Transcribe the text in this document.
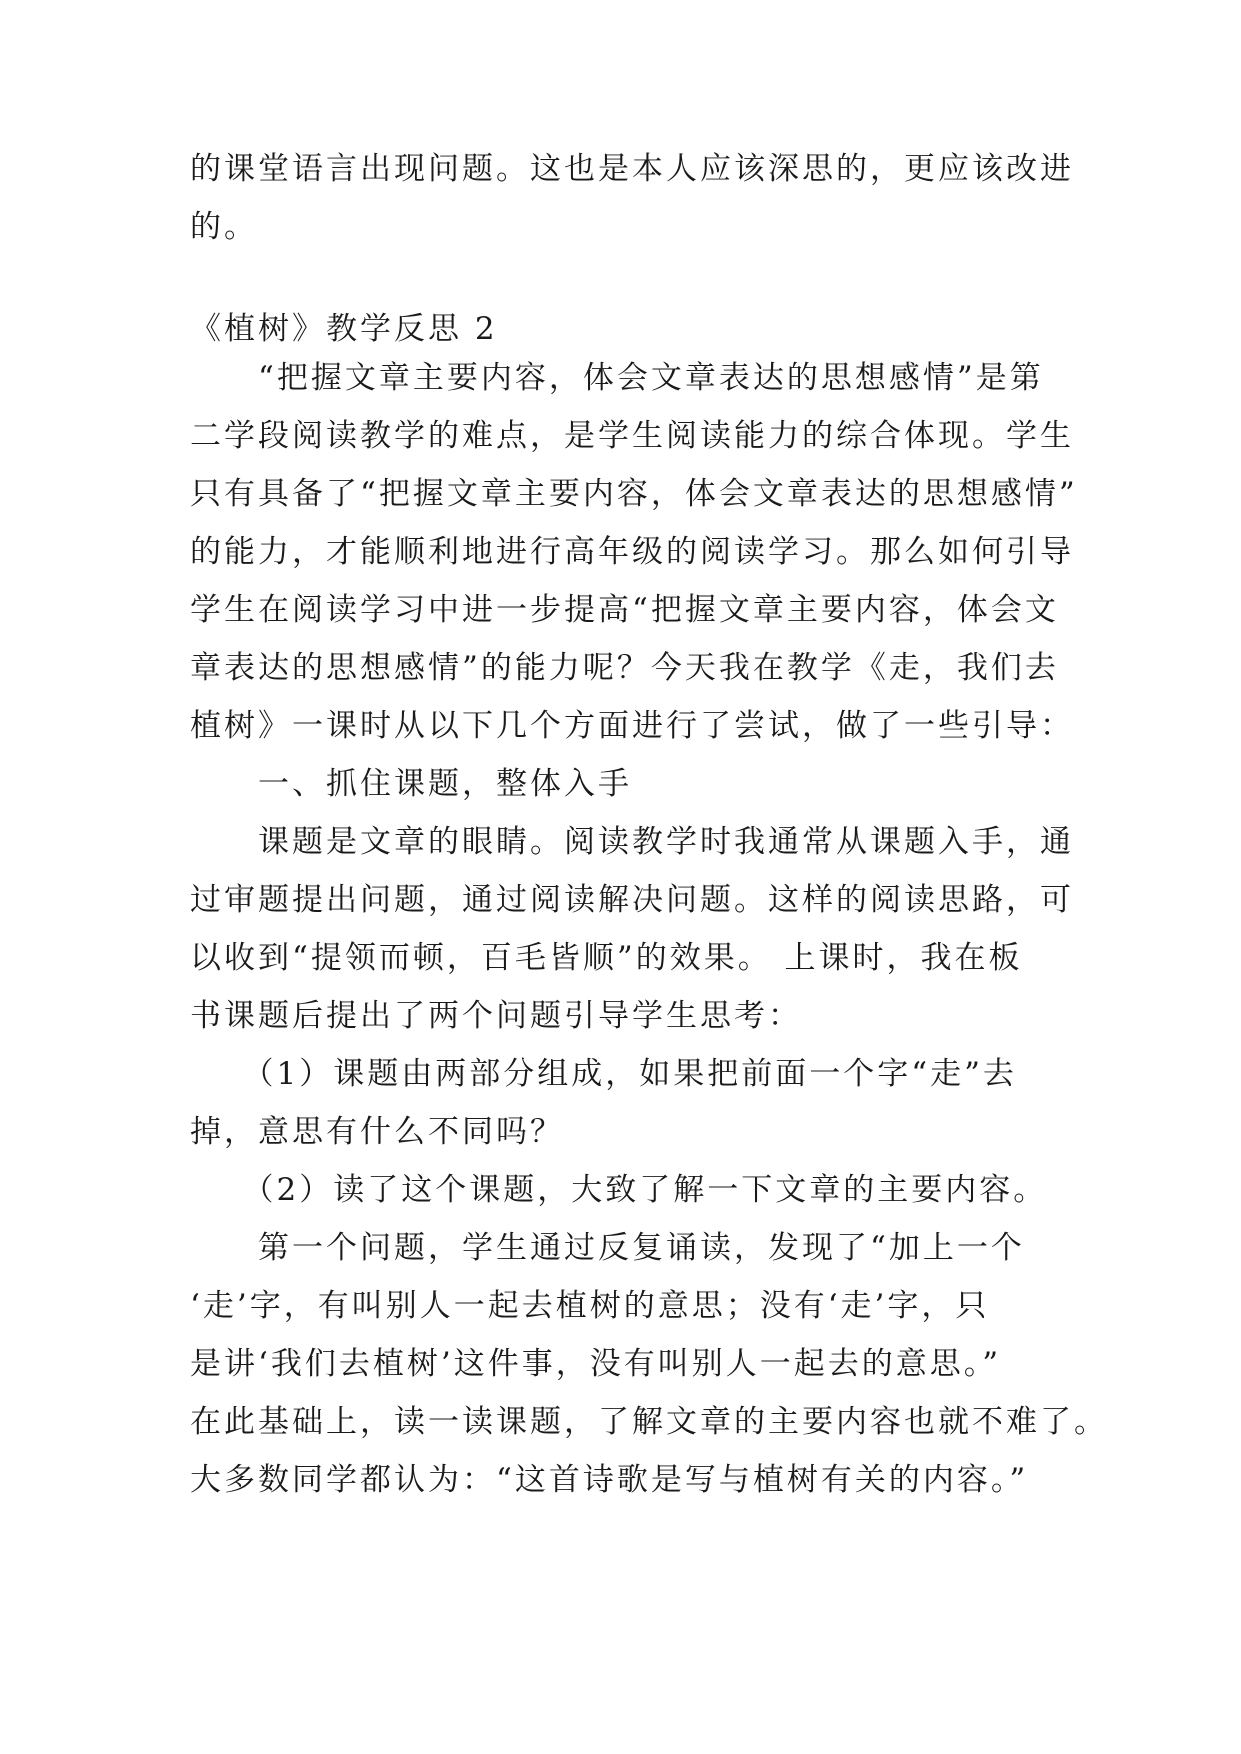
的课堂语言出现问题。这也是本人应该深思的，更应该改进
的。
《植树》教学反思 2
　　“把握文章主要内容，体会文章表达的思想感情”是第
二学段阅读教学的难点，是学生阅读能力的综合体现。学生
只有具备了“把握文章主要内容，体会文章表达的思想感情”
的能力，才能顺利地进行高年级的阅读学习。那么如何引导
学生在阅读学习中进一步提高“把握文章主要内容，体会文
章表达的思想感情”的能力呢？今天我在教学《走，我们去
植树》一课时从以下几个方面进行了尝试，做了一些引导：
　　一、抓住课题，整体入手
　　课题是文章的眼睛。阅读教学时我通常从课题入手，通
过审题提出问题，通过阅读解决问题。这样的阅读思路，可
以收到“提领而顿，百毛皆顺”的效果。 上课时，我在板
书课题后提出了两个问题引导学生思考：
　　（1）课题由两部分组成，如果把前面一个字“走”去
掉，意思有什么不同吗？
　　（2）读了这个课题，大致了解一下文章的主要内容。
　　第一个问题，学生通过反复诵读，发现了“加上一个
‘走’字，有叫别人一起去植树的意思；没有‘走’字，只
是讲‘我们去植树’这件事，没有叫别人一起去的意思。”
在此基础上，读一读课题，了解文章的主要内容也就不难了。
大多数同学都认为：“这首诗歌是写与植树有关的内容。”
